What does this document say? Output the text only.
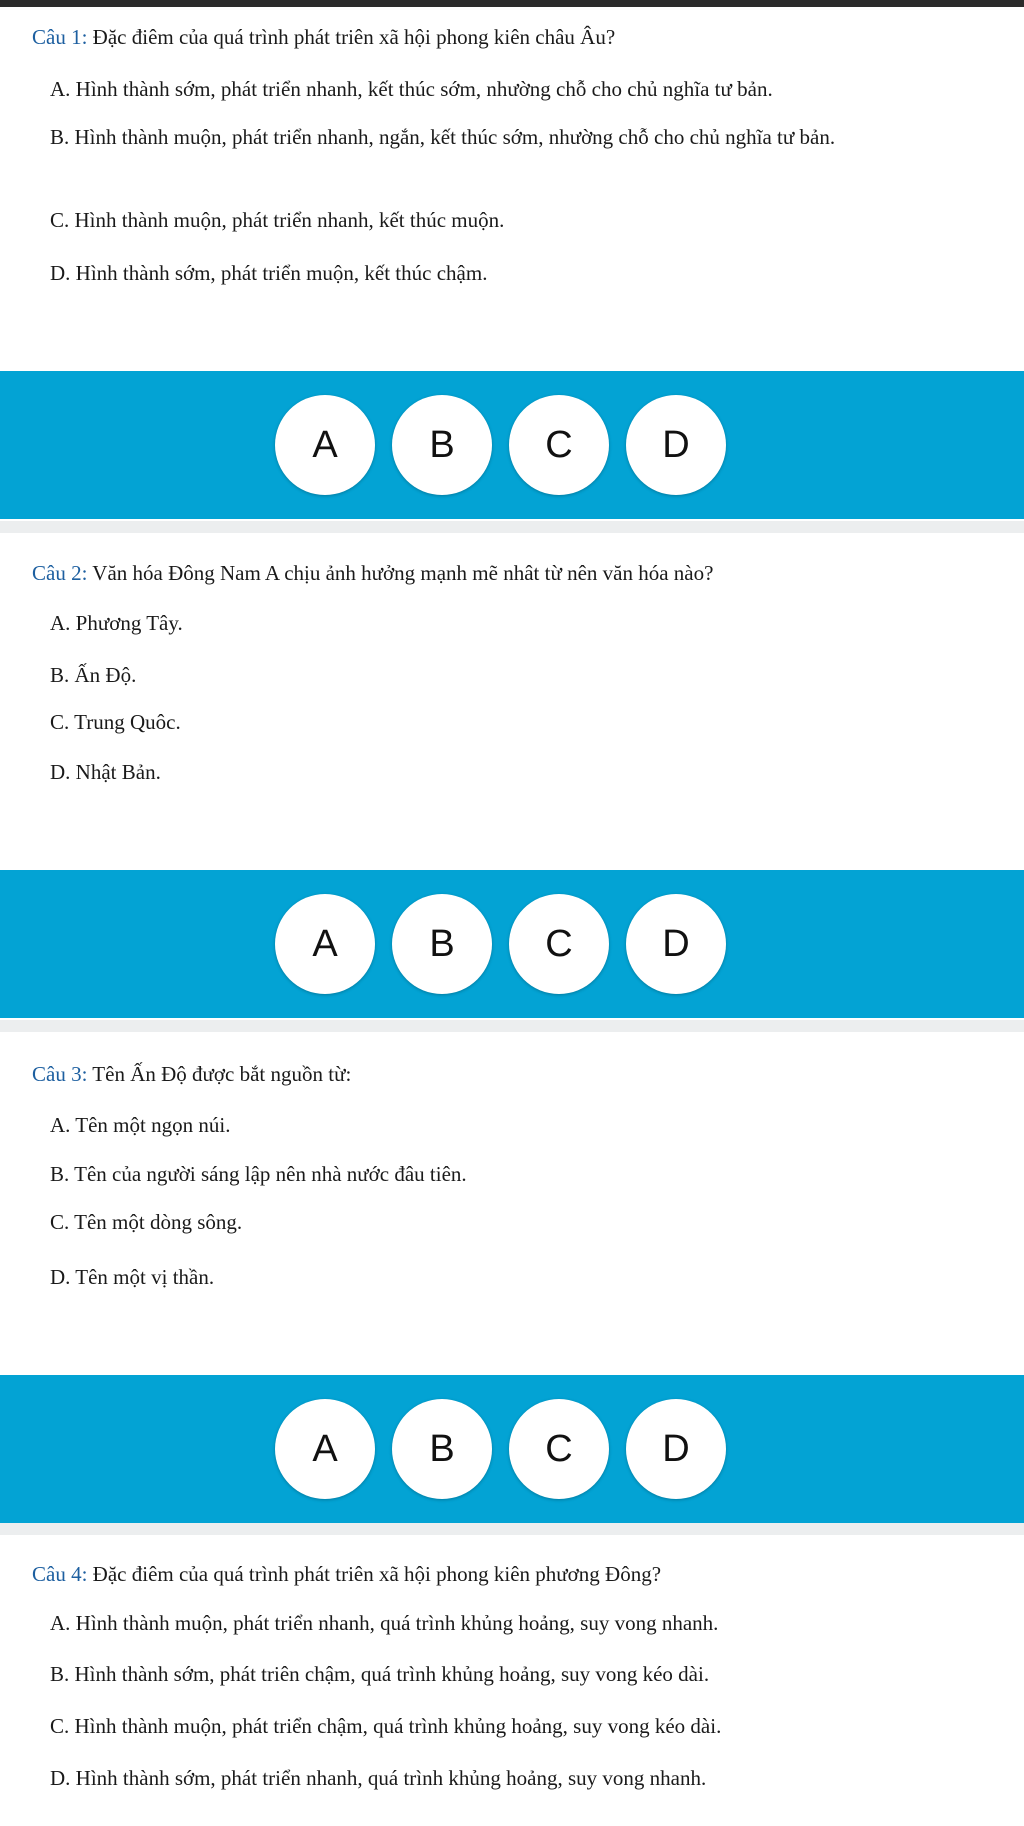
Câu 1: Đặc điêm của quá trình phát triên xã hội phong kiên châu Âu?
A. Hình thành sớm, phát triển nhanh, kết thúc sớm, nhường chỗ cho chủ nghĩa tư bản.
B. Hình thành muộn, phát triển nhanh, ngắn, kết thúc sớm, nhường chỗ cho chủ nghĩa tư bản.
C. Hình thành muộn, phát triển nhanh, kết thúc muộn.
D. Hình thành sớm, phát triển muộn, kết thúc chậm.
A	B	C	D
Câu 2: Văn hóa Đông Nam A chịu ảnh hưởng mạnh mẽ nhât từ nên văn hóa nào?
A. Phương Tây.
B. Ấn Độ.
C. Trung Quôc.
D. Nhật Bản.
A	B	C	D
Câu 3: Tên Ấn Độ được bắt nguồn từ:
A. Tên một ngọn núi.
B. Tên của người sáng lập nên nhà nước đâu tiên.
C. Tên một dòng sông.
D. Tên một vị thần.
A	B	C	D
Câu 4: Đặc điêm của quá trình phát triên xã hội phong kiên phương Đông?
A. Hình thành muộn, phát triển nhanh, quá trình khủng hoảng, suy vong nhanh.
B. Hình thành sớm, phát triên chậm, quá trình khủng hoảng, suy vong kéo dài.
C. Hình thành muộn, phát triển chậm, quá trình khủng hoảng, suy vong kéo dài.
D. Hình thành sớm, phát triển nhanh, quá trình khủng hoảng, suy vong nhanh.
